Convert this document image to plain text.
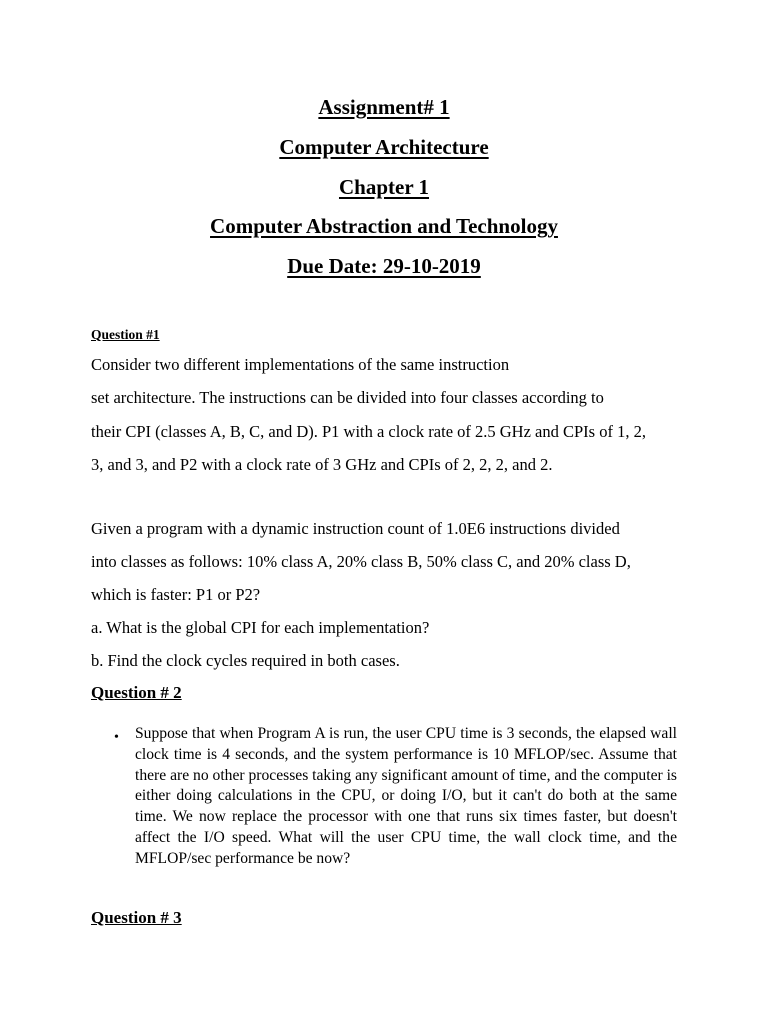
Assignment# 1
Computer Architecture
Chapter 1
Computer Abstraction and Technology
Due Date: 29-10-2019
Question #1
Consider two different implementations of the same instruction
set architecture. The instructions can be divided into four classes according to
their CPI (classes A, B, C, and D). P1 with a clock rate of 2.5 GHz and CPIs of 1, 2,
3, and 3, and P2 with a clock rate of 3 GHz and CPIs of 2, 2, 2, and 2.
Given a program with a dynamic instruction count of 1.0E6 instructions divided
into classes as follows: 10% class A, 20% class B, 50% class C, and 20% class D,
which is faster: P1 or P2?
a. What is the global CPI for each implementation?
b. Find the clock cycles required in both cases.
Question # 2
• Suppose that when Program A is run, the user CPU time is 3 seconds, the elapsed wall clock time is 4 seconds, and the system performance is 10 MFLOP/sec. Assume that there are no other processes taking any significant amount of time, and the computer is either doing calculations in the CPU, or doing I/O, but it can't do both at the same time. We now replace the processor with one that runs six times faster, but doesn't affect the I/O speed. What will the user CPU time, the wall clock time, and the MFLOP/sec performance be now?
Question # 3
